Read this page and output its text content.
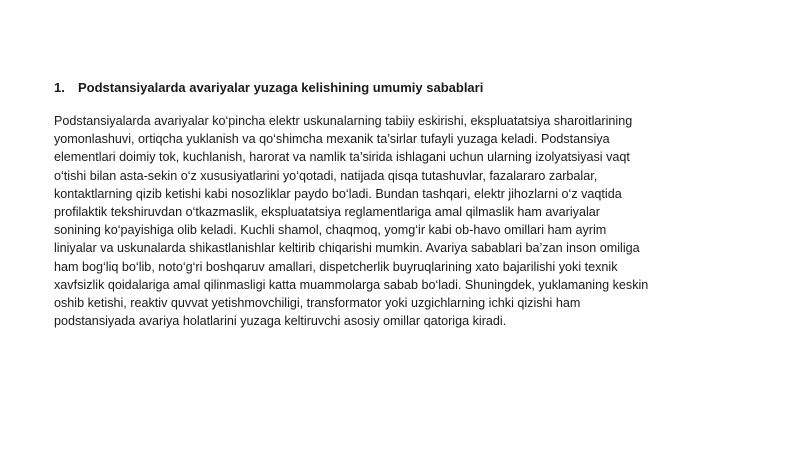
1. Podstansiyalarda avariyalar yuzaga kelishining umumiy sabablari
Podstansiyalarda avariyalar ko‘pincha elektr uskunalarning tabiiy eskirishi, ekspluatatsiya sharoitlarining
yomonlashuvi, ortiqcha yuklanish va qo‘shimcha mexanik ta’sirlar tufayli yuzaga keladi. Podstansiya
elementlari doimiy tok, kuchlanish, harorat va namlik ta’sirida ishlagani uchun ularning izolyatsiyasi vaqt
o‘tishi bilan asta-sekin o‘z xususiyatlarini yo‘qotadi, natijada qisqa tutashuvlar, fazalararo zarbalar,
kontaktlarning qizib ketishi kabi nosozliklar paydo bo‘ladi. Bundan tashqari, elektr jihozlarni o‘z vaqtida
profilaktik tekshiruvdan o‘tkazmaslik, ekspluatatsiya reglamentlariga amal qilmaslik ham avariyalar
sonining ko‘payishiga olib keladi. Kuchli shamol, chaqmoq, yomg‘ir kabi ob-havo omillari ham ayrim
liniyalar va uskunalarda shikastlanishlar keltirib chiqarishi mumkin. Avariya sabablari ba’zan inson omiliga
ham bog‘liq bo‘lib, noto‘g‘ri boshqaruv amallari, dispetcherlik buyruqlarining xato bajarilishi yoki texnik
xavfsizlik qoidalariga amal qilinmasligi katta muammolarga sabab bo‘ladi. Shuningdek, yuklamaning keskin
oshib ketishi, reaktiv quvvat yetishmovchiligi, transformator yoki uzgichlarning ichki qizishi ham
podstansiyada avariya holatlarini yuzaga keltiruvchi asosiy omillar qatoriga kiradi.
